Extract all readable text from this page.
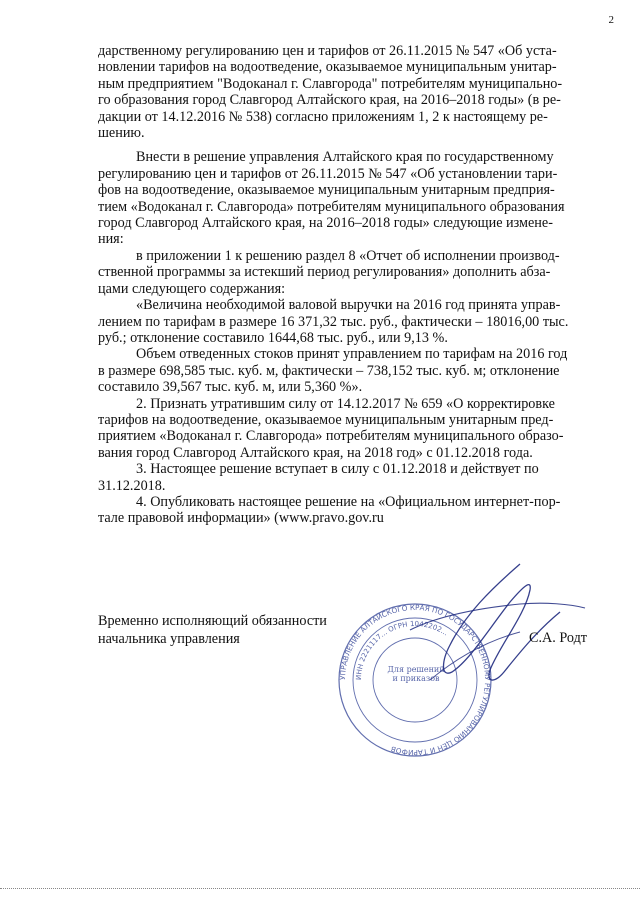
2

дарственному регулированию цен и тарифов от 26.11.2015 № 547 «Об уста-
новлении тарифов на водоотведение, оказываемое муниципальным унитар-
ным предприятием "Водоканал г. Славгорода" потребителям муниципально-
го образования город Славгород Алтайского края, на 2016–2018 годы» (в ре-
дакции от 14.12.2016 № 538) согласно приложениям 1, 2 к настоящему ре-
шению.

Внести в решение управления Алтайского края по государственному
регулированию цен и тарифов от 26.11.2015 № 547 «Об установлении тари-
фов на водоотведение, оказываемое муниципальным унитарным предприя-
тием «Водоканал г. Славгорода» потребителям муниципального образования
город Славгород Алтайского края, на 2016–2018 годы» следующие измене-
ния:

в приложении 1 к решению раздел 8 «Отчет об исполнении производ-
ственной программы за истекший период регулирования» дополнить абза-
цами следующего содержания:

«Величина необходимой валовой выручки на 2016 год принята управ-
лением по тарифам в размере 16 371,32 тыс. руб., фактически – 18016,00 тыс.
руб.; отклонение составило 1644,68 тыс. руб., или 9,13 %.

Объем отведенных стоков принят управлением по тарифам на 2016 год
в размере 698,585 тыс. куб. м, фактически – 738,152 тыс. куб. м; отклонение
составило 39,567 тыс. куб. м, или 5,360 %».

2. Признать утратившим силу от 14.12.2017 № 659 «О корректировке
тарифов на водоотведение, оказываемое муниципальным унитарным пред-
приятием «Водоканал г. Славгорода» потребителям муниципального образо-
вания город Славгород Алтайского края, на 2018 год» с 01.12.2018 года.

3. Настоящее решение вступает в силу с 01.12.2018 и действует по
31.12.2018.

4. Опубликовать настоящее решение на «Официальном интернет-пор-
тале правовой информации» (www.pravo.gov.ru

Временно исполняющий обязанности
начальника управления
УПРАВЛЕНИЕ АЛТАЙСКОГО КРАЯ ПО ГОСУДАРСТВЕННОМУ РЕГУЛИРОВАНИЮ ЦЕН И ТАРИФОВ
ИНН 2221117... ОГРН 1042202...
Для решений и приказов
С.А. Родт
